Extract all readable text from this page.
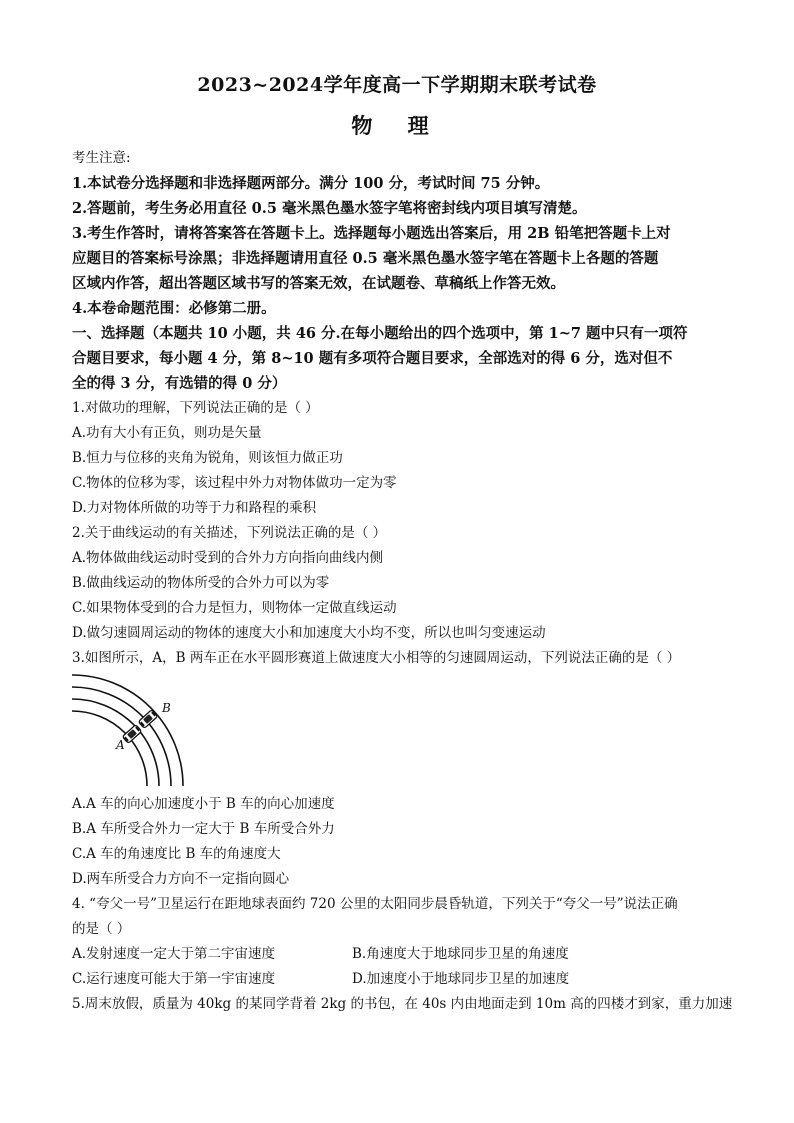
2023~2024学年度高一下学期期末联考试卷
物 理

考生注意:

1.本试卷分选择题和非选择题两部分。满分 100 分，考试时间 75 分钟。

2.答题前，考生务必用直径 0.5 毫米黑色墨水签字笔将密封线内项目填写清楚。

3.考生作答时，请将答案答在答题卡上。选择题每小题选出答案后，用 2B 铅笔把答题卡上对

应题目的答案标号涂黑；非选择题请用直径 0.5 毫米黑色墨水签字笔在答题卡上各题的答题

区域内作答，超出答题区域书写的答案无效，在试题卷、草稿纸上作答无效。

4.本卷命题范围：必修第二册。

一、选择题（本题共 10 小题，共 46 分.在每小题给出的四个选项中，第 1~7 题中只有一项符

合题目要求，每小题 4 分，第 8~10 题有多项符合题目要求，全部选对的得 6 分，选对但不

全的得 3 分，有选错的得 0 分）

1.对做功的理解，下列说法正确的是（ ）

A.功有大小有正负，则功是矢量

B.恒力与位移的夹角为锐角，则该恒力做正功

C.物体的位移为零，该过程中外力对物体做功一定为零

D.力对物体所做的功等于力和路程的乘积

2.关于曲线运动的有关描述，下列说法正确的是（ ）

A.物体做曲线运动时受到的合外力方向指向曲线内侧

B.做曲线运动的物体所受的合外力可以为零

C.如果物体受到的合力是恒力，则物体一定做直线运动

D.做匀速圆周运动的物体的速度大小和加速度大小均不变，所以也叫匀变速运动

3.如图所示，A，B 两车正在水平圆形赛道上做速度大小相等的匀速圆周运动，下列说法正确的是（ ）

A
B

A.A 车的向心加速度小于 B 车的向心加速度

B.A 车所受合外力一定大于 B 车所受合外力

C.A 车的角速度比 B 车的角速度大

D.两车所受合力方向不一定指向圆心

4. “夸父一号”卫星运行在距地球表面约 720 公里的太阳同步晨昏轨道，下列关于“夸父一号”说法正确

的是（ ）

A.发射速度一定大于第二宇宙速度	B.角速度大于地球同步卫星的角速度
C.运行速度可能大于第一宇宙速度	D.加速度小于地球同步卫星的加速度

5.周末放假，质量为 40kg 的某同学背着 2kg 的书包，在 40s 内由地面走到 10m 高的四楼才到家，重力加速
